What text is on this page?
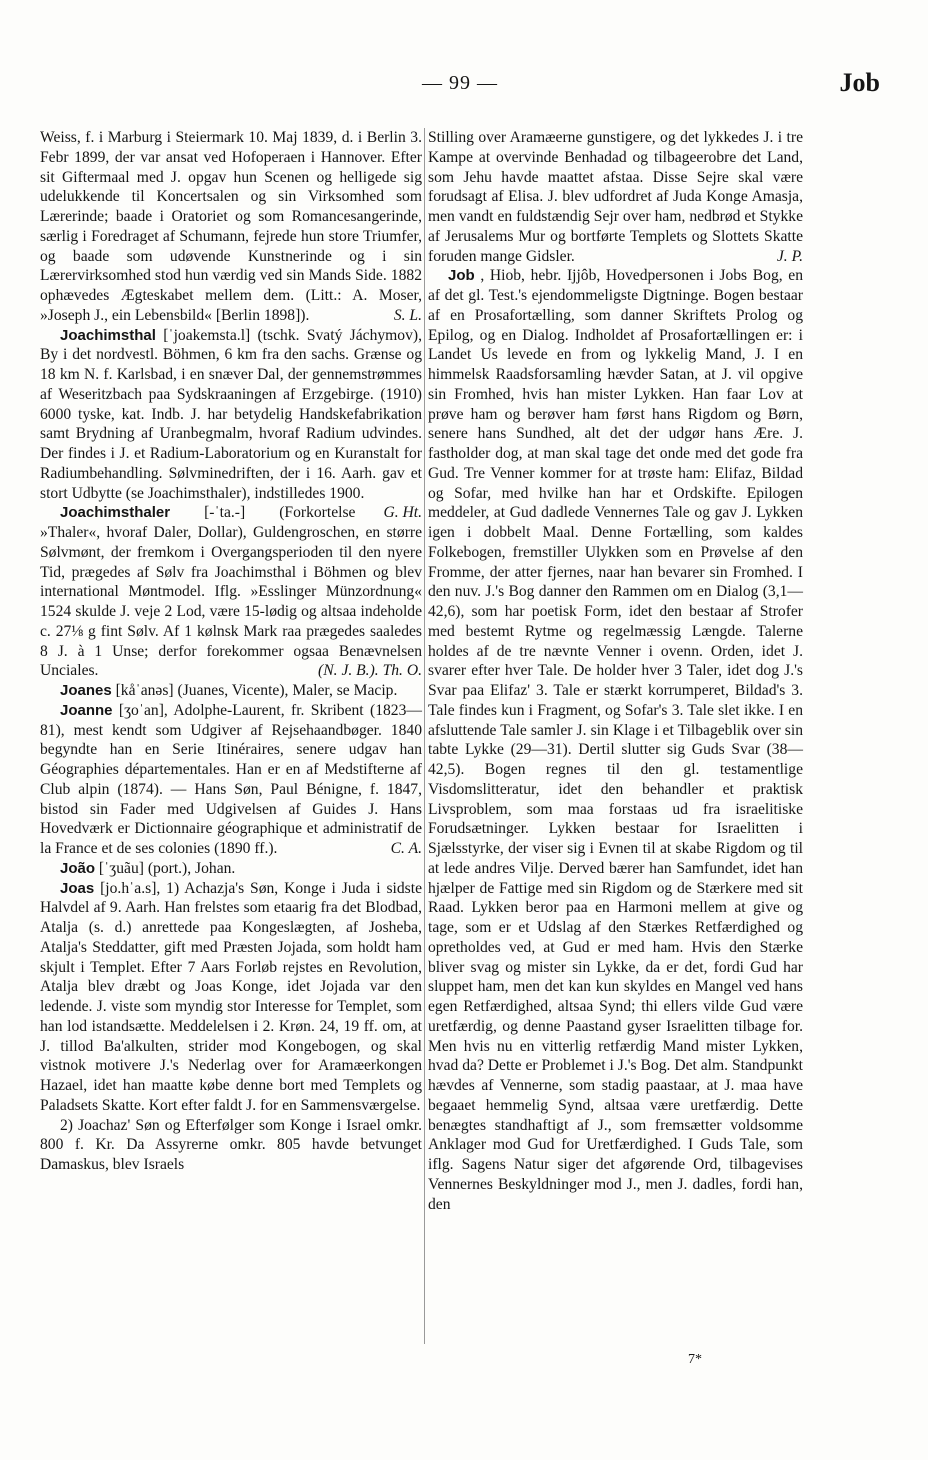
— 99 —	Job

Weiss, f. i Marburg i Steiermark 10. Maj 1839, d. i Berlin 3. Febr 1899, der var ansat ved Hofoperaen i Hannover. Efter sit Giftermaal med J. opgav hun Scenen og helligede sig udelukkende til Koncertsalen og sin Virksomhed som Lærerinde; baade i Oratoriet og som Romancesangerinde, særlig i Foredraget af Schumann, fejrede hun store Triumfer, og baade som udøvende Kunstnerinde og i sin Lærervirksomhed stod hun værdig ved sin Mands Side. 1882 ophævedes Ægteskabet mellem dem. (Litt.: A. Moser, »Joseph J., ein Lebensbild« [Berlin 1898]).	S. L.

Joachimsthal [ˈjoakemsta.l] (tschk. Svatý Jáchymov), By i det nordvestl. Böhmen, 6 km fra den sachs. Grænse og 18 km N. f. Karlsbad, i en snæver Dal, der gennemstrømmes af Weseritzbach paa Sydskraaningen af Erzgebirge. (1910) 6000 tyske, kat. Indb. J. har betydelig Handskefabrikation samt Brydning af Uranbegmalm, hvoraf Radium udvindes. Der findes i J. et Radium-Laboratorium og en Kuranstalt for Radiumbehandling. Sølvminedriften, der i 16. Aarh. gav et stort Udbytte (se Joachimsthaler), indstilledes 1900.
G. Ht.

Joachimsthaler [-ˈta.-] (Forkortelse »Thaler«, hvoraf Daler, Dollar), Guldengroschen, en større Sølvmønt, der fremkom i Overgangsperioden til den nyere Tid, prægedes af Sølv fra Joachimsthal i Böhmen og blev international Møntmodel. Iflg. »Esslinger Münzordnung« 1524 skulde J. veje 2 Lod, være 15-lødig og altsaa indeholde c. 27⅛ g fint Sølv. Af 1 kølnsk Mark raa prægedes saaledes 8 J. à 1 Unse; derfor forekommer ogsaa Benævnelsen Unciales.	(N. J. B.). Th. O.

Joanes [kåˈanəs] (Juanes, Vicente), Maler, se Macip.

Joanne [ʒoˈan], Adolphe-Laurent, fr. Skribent (1823—81), mest kendt som Udgiver af Rejsehaandbøger. 1840 begyndte han en Serie Itinéraires, senere udgav han Géographies départementales. Han er en af Medstifterne af Club alpin (1874). — Hans Søn, Paul Bénigne, f. 1847, bistod sin Fader med Udgivelsen af Guides J. Hans Hovedværk er Dictionnaire géographique et administratif de la France et de ses colonies (1890 ff.).	C. A.

João [ˈʒuãu] (port.), Johan.

Joas [jo.hˈa.s], 1) Achazja's Søn, Konge i Juda i sidste Halvdel af 9. Aarh. Han frelstes som etaarig fra det Blodbad, Atalja (s. d.) anrettede paa Kongeslægten, af Josheba, Atalja's Steddatter, gift med Præsten Jojada, som holdt ham skjult i Templet. Efter 7 Aars Forløb rejstes en Revolution, Atalja blev dræbt og Joas Konge, idet Jojada var den ledende. J. viste som myndig stor Interesse for Templet, som han lod istandsætte. Meddelelsen i 2. Krøn. 24, 19 ff. om, at J. tillod Ba'alkulten, strider mod Kongebogen, og skal vistnok motivere J.'s Nederlag over for Aramæerkongen Hazael, idet han maatte købe denne bort med Templets og Paladsets Skatte. Kort efter faldt J. for en Sammensværgelse.

2) Joachaz' Søn og Efterfølger som Konge i Israel omkr. 800 f. Kr. Da Assyrerne omkr. 805 havde betvunget Damaskus, blev Israels

Stilling over Aramæerne gunstigere, og det lykkedes J. i tre Kampe at overvinde Benhadad og tilbageerobre det Land, som Jehu havde maattet afstaa. Disse Sejre skal være forudsagt af Elisa. J. blev udfordret af Juda Konge Amasja, men vandt en fuldstændig Sejr over ham, nedbrød et Stykke af Jerusalems Mur og bortførte Templets og Slottets Skatte foruden mange Gidsler.	J. P.

Job , Hiob, hebr. Ijjôb, Hovedpersonen i Jobs Bog, en af det gl. Test.'s ejendommeligste Digtninge. Bogen bestaar af en Prosafortælling, som danner Skriftets Prolog og Epilog, og en Dialog. Indholdet af Prosafortællingen er: i Landet Us levede en from og lykkelig Mand, J. I en himmelsk Raadsforsamling hævder Satan, at J. vil opgive sin Fromhed, hvis han mister Lykken. Han faar Lov at prøve ham og berøver ham først hans Rigdom og Børn, senere hans Sundhed, alt det der udgør hans Ære. J. fastholder dog, at man skal tage det onde med det gode fra Gud. Tre Venner kommer for at trøste ham: Elifaz, Bildad og Sofar, med hvilke han har et Ordskifte. Epilogen meddeler, at Gud dadlede Vennernes Tale og gav J. Lykken igen i dobbelt Maal. Denne Fortælling, som kaldes Folkebogen, fremstiller Ulykken som en Prøvelse af den Fromme, der atter fjernes, naar han bevarer sin Fromhed. I den nuv. J.'s Bog danner den Rammen om en Dialog (3,1—42,6), som har poetisk Form, idet den bestaar af Strofer med bestemt Rytme og regelmæssig Længde. Talerne holdes af de tre nævnte Venner i ovenn. Orden, idet J. svarer efter hver Tale. De holder hver 3 Taler, idet dog J.'s Svar paa Elifaz' 3. Tale er stærkt korrumperet, Bildad's 3. Tale findes kun i Fragment, og Sofar's 3. Tale slet ikke. I en afsluttende Tale samler J. sin Klage i et Tilbageblik over sin tabte Lykke (29—31). Dertil slutter sig Guds Svar (38—42,5). Bogen regnes til den gl. testamentlige Visdomslitteratur, idet den behandler et praktisk Livsproblem, som maa forstaas ud fra israelitiske Forudsætninger. Lykken bestaar for Israelitten i Sjælsstyrke, der viser sig i Evnen til at skabe Rigdom og til at lede andres Vilje. Derved bærer han Samfundet, idet han hjælper de Fattige med sin Rigdom og de Stærkere med sit Raad. Lykken beror paa en Harmoni mellem at give og tage, som er et Udslag af den Stærkes Retfærdighed og opretholdes ved, at Gud er med ham. Hvis den Stærke bliver svag og mister sin Lykke, da er det, fordi Gud har sluppet ham, men det kan kun skyldes en Mangel ved hans egen Retfærdighed, altsaa Synd; thi ellers vilde Gud være uretfærdig, og denne Paastand gyser Israelitten tilbage for. Men hvis nu en vitterlig retfærdig Mand mister Lykken, hvad da? Dette er Problemet i J.'s Bog. Det alm. Standpunkt hævdes af Vennerne, som stadig paastaar, at J. maa have begaaet hemmelig Synd, altsaa være uretfærdig. Dette benægtes standhaftigt af J., som fremsætter voldsomme Anklager mod Gud for Uretfærdighed. I Guds Tale, som iflg. Sagens Natur siger det afgørende Ord, tilbagevises Vennernes Beskyldninger mod J., men J. dadles, fordi han, den

7*
